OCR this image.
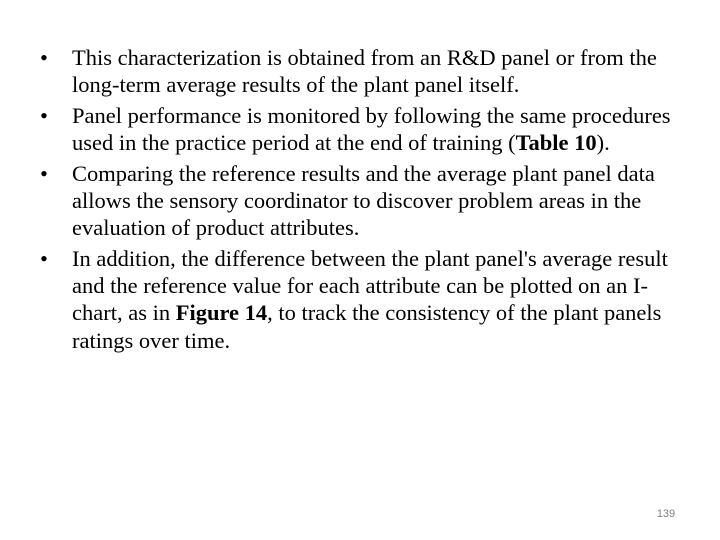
•	This characterization is obtained from an R&D panel or from the long-term average results of the plant panel itself.
•	Panel performance is monitored by following the same procedures used in the practice period at the end of training (Table 10).
•	Comparing the reference results and the average plant panel data allows the sensory coordinator to discover problem areas in the evaluation of product attributes.
•	In addition, the difference between the plant panel's average result and the reference value for each attribute can be plotted on an I-chart, as in Figure 14, to track the consistency of the plant panels ratings over time.
139
